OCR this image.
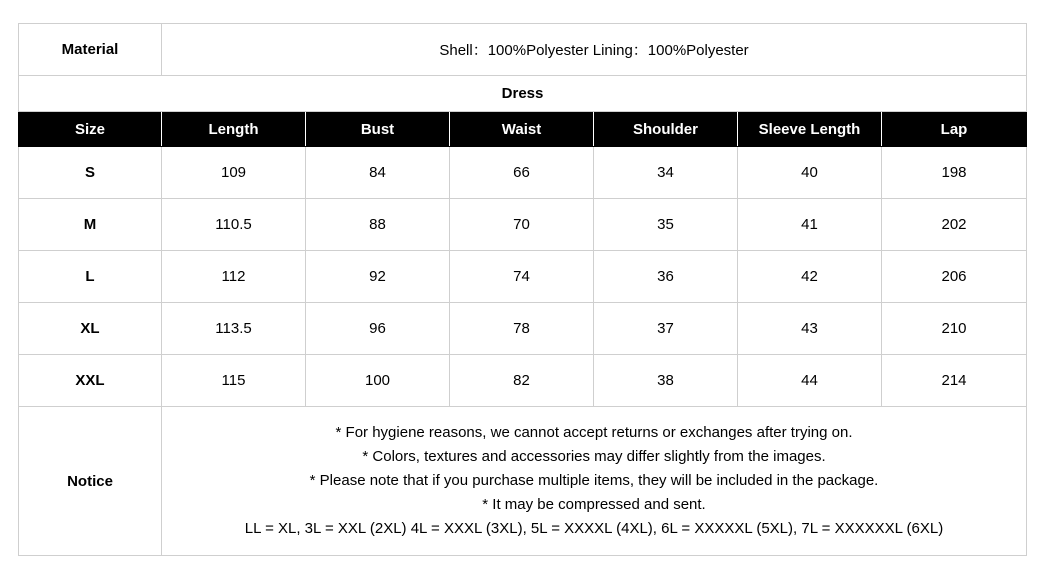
Material	Shell：100%Polyester Lining：100%Polyester					
Dress						
Size	Length	Bust	Waist	Shoulder	Sleeve Length	Lap
S	109	84	66	34	40	198
M	110.5	88	70	35	41	202
L	112	92	74	36	42	206
XL	113.5	96	78	37	43	210
XXL	115	100	82	38	44	214
Notice	* For hygiene reasons, we cannot accept returns or exchanges after trying on.
* Colors, textures and accessories may differ slightly from the images.
* Please note that if you purchase multiple items, they will be included in the package.
* It may be compressed and sent.
LL = XL, 3L = XXL (2XL) 4L = XXXL (3XL), 5L = XXXXL (4XL), 6L = XXXXXL (5XL), 7L = XXXXXXL (6XL)					
